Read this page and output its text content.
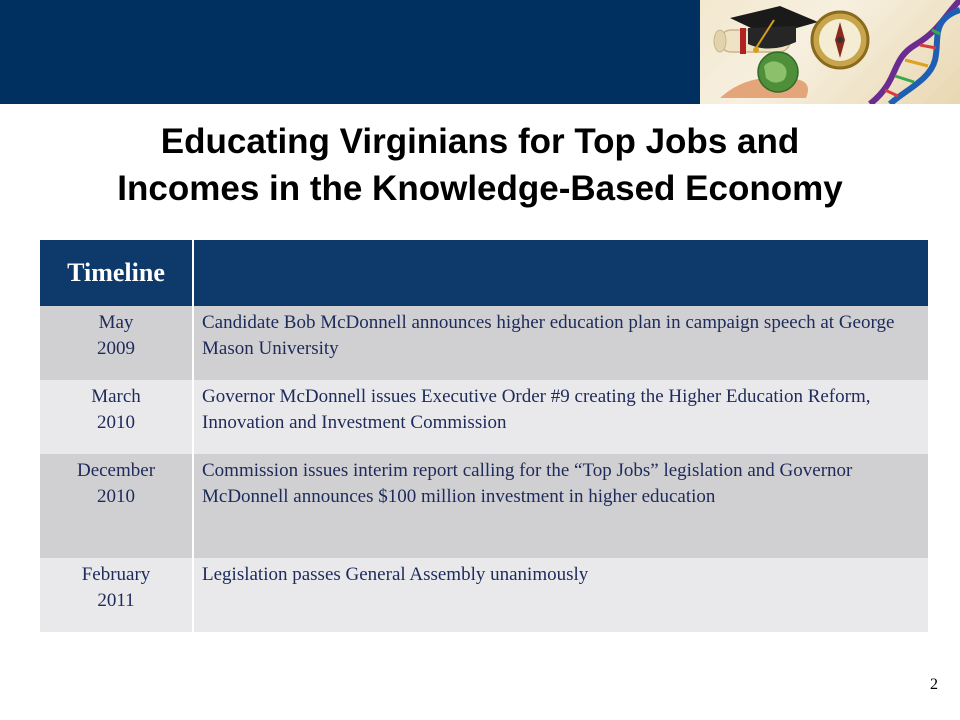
Educating Virginians for Top Jobs and
Incomes in the Knowledge-Based Economy
Timeline	

May
2009	Candidate Bob McDonnell announces higher education plan in campaign speech at George Mason University

March
2010	Governor McDonnell issues Executive Order #9 creating the Higher Education Reform, Innovation and Investment Commission

December
2010	Commission issues interim report calling for the “Top Jobs” legislation and Governor McDonnell announces $100 million investment in higher education

February
2011	Legislation passes General Assembly unanimously
2
